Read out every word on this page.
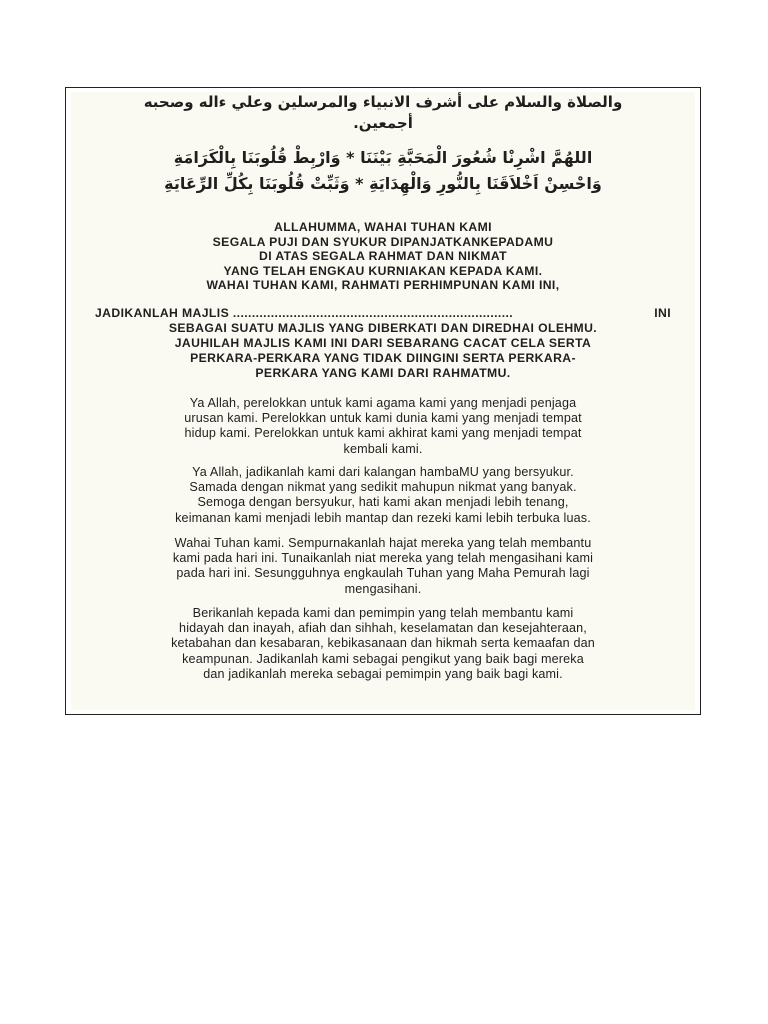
والصلاة والسلام على أشرف الانبياء والمرسلين وعلي ءاله وصحبه
أجمعين.
اللهُمَّ اشْرِنْا شُعُورَ الْمَحَبَّةِ بَيْنَنَا * وَارْبِطْ قُلُوبَنَا بِالْكَرَامَةِ
وَاحْسِنْ اَخْلاَقَنَا بِالنُّورِ وَالْهِدَايَةِ * وَثَبِّتْ قُلُوبَنَا بِكُلِّ الرِّعَايَةِ
ALLAHUMMA, WAHAI TUHAN KAMI
SEGALA PUJI DAN SYUKUR DIPANJATKANKEPADAMU
DI ATAS SEGALA RAHMAT DAN NIKMAT
YANG TELAH ENGKAU KURNIAKAN KEPADA KAMI.
WAHAI TUHAN KAMI, RAHMATI PERHIMPUNAN KAMI INI,
JADIKANLAH MAJLIS ..........................................................................	INI
SEBAGAI SUATU MAJLIS YANG DIBERKATI DAN DIREDHAI OLEHMU.
JAUHILAH MAJLIS KAMI INI DARI SEBARANG CACAT CELA SERTA
PERKARA-PERKARA YANG TIDAK DIINGINI SERTA PERKARA-
PERKARA YANG KAMI DARI RAHMATMU.
Ya Allah, perelokkan untuk kami agama kami yang menjadi penjaga
urusan kami. Perelokkan untuk kami dunia kami yang menjadi tempat
hidup kami. Perelokkan untuk kami akhirat kami yang menjadi tempat
kembali kami.
Ya Allah, jadikanlah kami dari kalangan hambaMU yang bersyukur.
Samada dengan nikmat yang sedikit mahupun nikmat yang banyak.
Semoga dengan bersyukur, hati kami akan menjadi lebih tenang,
keimanan kami menjadi lebih mantap dan rezeki kami lebih terbuka luas.
Wahai Tuhan kami. Sempurnakanlah hajat mereka yang telah membantu
kami pada hari ini. Tunaikanlah niat mereka yang telah mengasihani kami
pada hari ini. Sesungguhnya engkaulah Tuhan yang Maha Pemurah lagi
mengasihani.
Berikanlah kepada kami dan pemimpin yang telah membantu kami
hidayah dan inayah, afiah dan sihhah, keselamatan dan kesejahteraan,
ketabahan dan kesabaran, kebikasanaan dan hikmah serta kemaafan dan
keampunan. Jadikanlah kami sebagai pengikut yang baik bagi mereka
dan jadikanlah mereka sebagai pemimpin yang baik bagi kami.
